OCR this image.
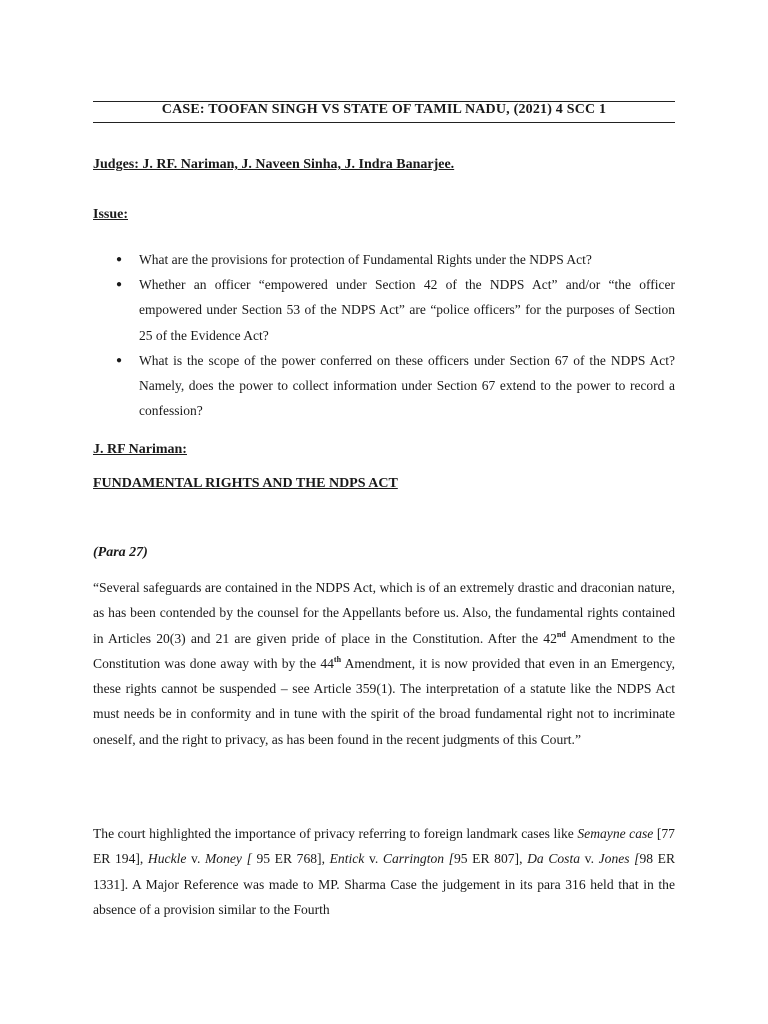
CASE: TOOFAN SINGH VS STATE OF TAMIL NADU, (2021) 4 SCC 1
Judges: J. RF. Nariman, J. Naveen Sinha, J. Indra Banarjee.
Issue:
● What are the provisions for protection of Fundamental Rights under the NDPS Act?
● Whether an officer “empowered under Section 42 of the NDPS Act” and/or “the officer empowered under Section 53 of the NDPS Act” are “police officers” for the purposes of Section 25 of the Evidence Act?
● What is the scope of the power conferred on these officers under Section 67 of the NDPS Act? Namely, does the power to collect information under Section 67 extend to the power to record a confession?
J. RF Nariman:
FUNDAMENTAL RIGHTS AND THE NDPS ACT
(Para 27)

“Several safeguards are contained in the NDPS Act, which is of an extremely drastic and draconian nature, as has been contended by the counsel for the Appellants before us. Also, the fundamental rights contained in Articles 20(3) and 21 are given pride of place in the Constitution. After the 42nd Amendment to the Constitution was done away with by the 44th Amendment, it is now provided that even in an Emergency, these rights cannot be suspended – see Article 359(1). The interpretation of a statute like the NDPS Act must needs be in conformity and in tune with the spirit of the broad fundamental right not to incriminate oneself, and the right to privacy, as has been found in the recent judgments of this Court.”

The court highlighted the importance of privacy referring to foreign landmark cases like Semayne case [77 ER 194], Huckle v. Money [ 95 ER 768], Entick v. Carrington [95 ER 807], Da Costa v. Jones [98 ER 1331]. A Major Reference was made to MP. Sharma Case the judgement in its para 316 held that in the absence of a provision similar to the Fourth
